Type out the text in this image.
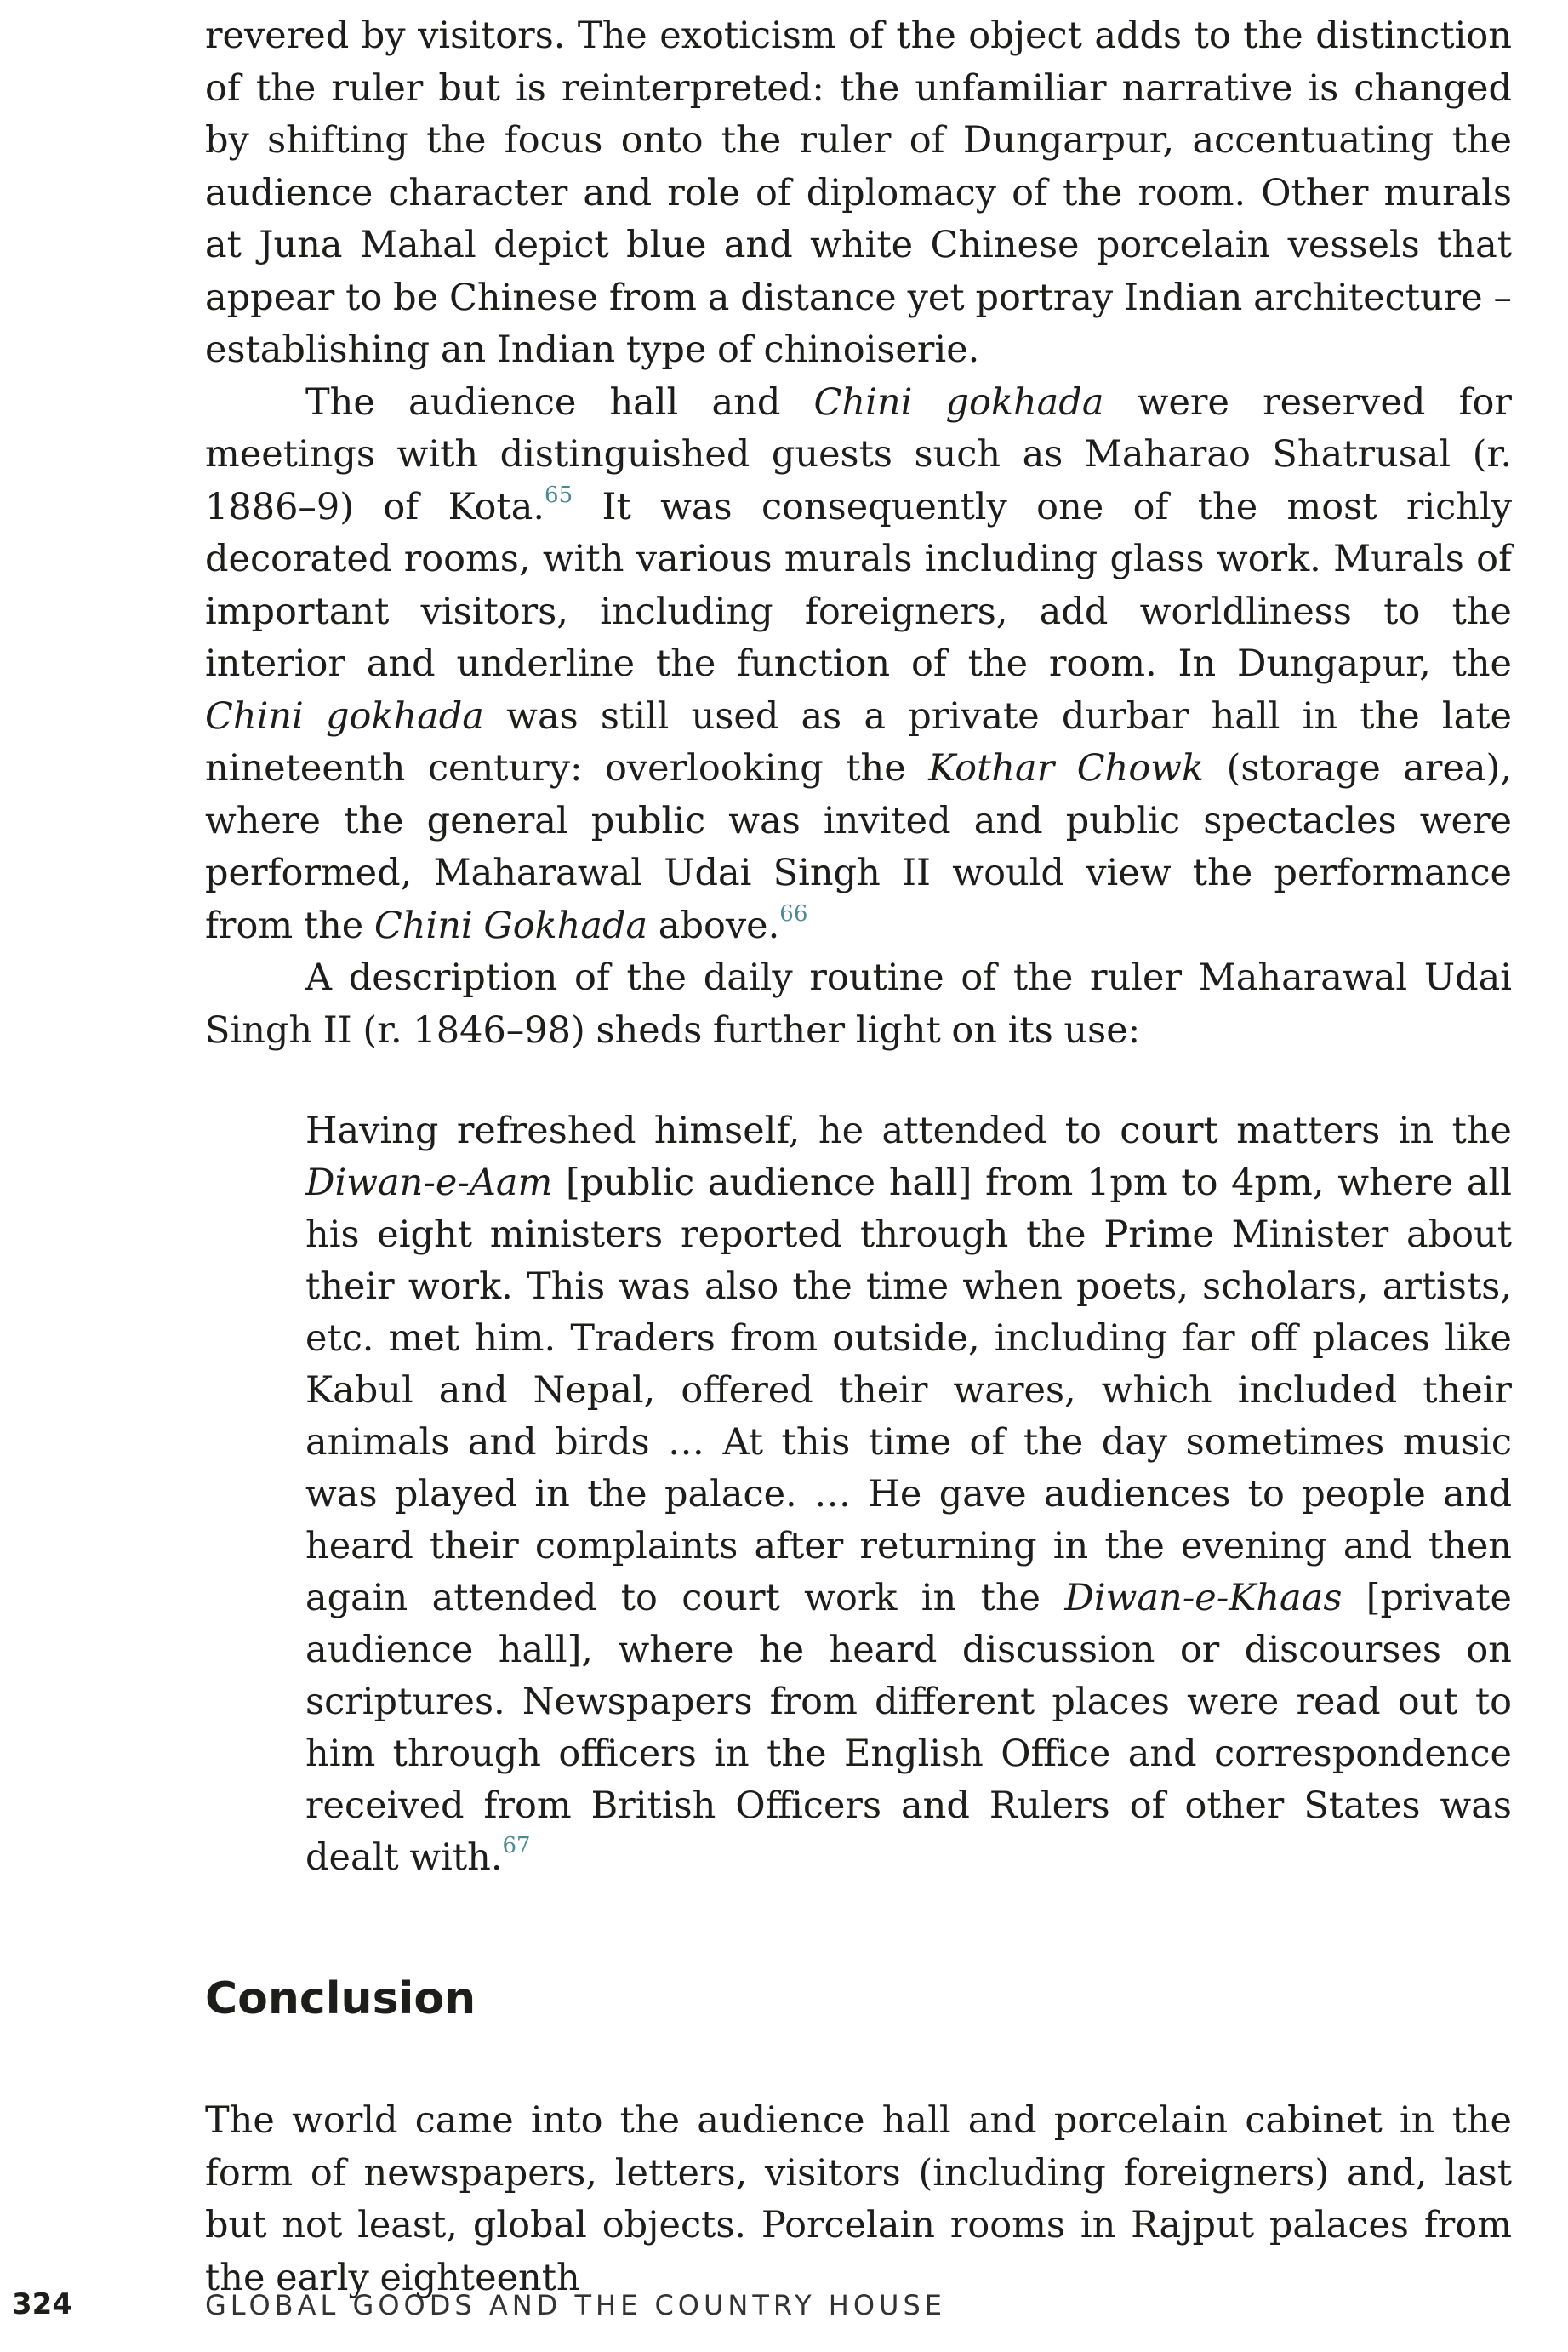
revered by visitors. The exoticism of the object adds to the distinction of the ruler but is reinterpreted: the unfamiliar narrative is changed by shifting the focus onto the ruler of Dungarpur, accentuating the audience character and role of diplomacy of the room. Other murals at Juna Mahal depict blue and white Chinese porcelain vessels that appear to be Chinese from a distance yet portray Indian architecture – establishing an Indian type of chinoiserie.

The audience hall and Chini gokhada were reserved for meetings with distinguished guests such as Maharao Shatrusal (r. 1886–9) of Kota.$^{65}$ It was consequently one of the most richly decorated rooms, with various murals including glass work. Murals of important visitors, including foreigners, add worldliness to the interior and underline the function of the room. In Dungapur, the Chini gokhada was still used as a private durbar hall in the late nineteenth century: overlooking the Kothar Chowk (storage area), where the general public was invited and public spectacles were performed, Maharawal Udai Singh II would view the performance from the Chini Gokhada above.$^{66}$

A description of the daily routine of the ruler Maharawal Udai Singh II (r. 1846–98) sheds further light on its use:

Having refreshed himself, he attended to court matters in the Diwan-e-Aam [public audience hall] from 1pm to 4pm, where all his eight ministers reported through the Prime Minister about their work. This was also the time when poets, scholars, artists, etc. met him. Traders from outside, including far off places like Kabul and Nepal, offered their wares, which included their animals and birds … At this time of the day sometimes music was played in the palace. … He gave audiences to people and heard their complaints after returning in the evening and then again attended to court work in the Diwan-e-Khaas [private audience hall], where he heard discussion or discourses on scriptures. Newspapers from different places were read out to him through officers in the English Office and correspondence received from British Officers and Rulers of other States was dealt with.$^{67}$

Conclusion

The world came into the audience hall and porcelain cabinet in the form of newspapers, letters, visitors (including foreigners) and, last but not least, global objects. Porcelain rooms in Rajput palaces from the early eighteenth

324	GLOBAL GOODS AND THE COUNTRY HOUSE
